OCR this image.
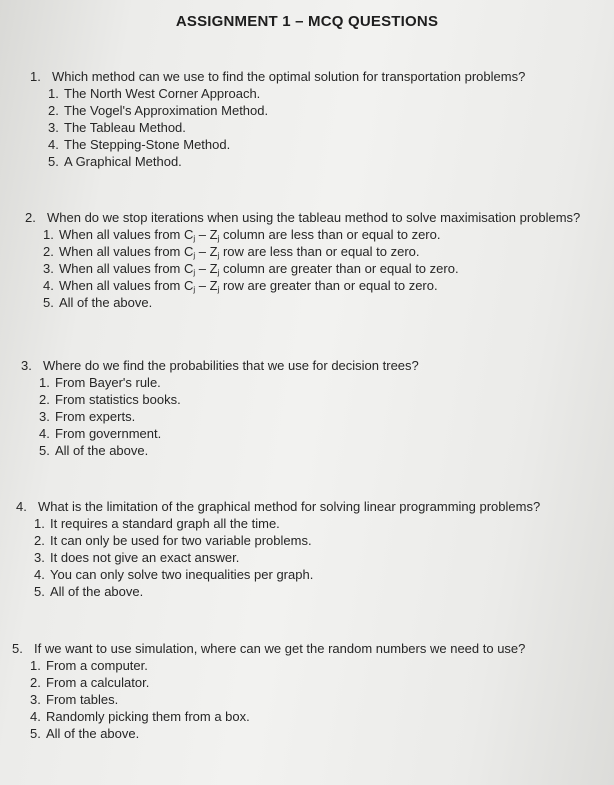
ASSIGNMENT 1 – MCQ QUESTIONS
1. Which method can we use to find the optimal solution for transportation problems?
1. The North West Corner Approach.
2. The Vogel's Approximation Method.
3. The Tableau Method.
4. The Stepping-Stone Method.
5. A Graphical Method.
2. When do we stop iterations when using the tableau method to solve maximisation problems?
1. When all values from $C_j - Z_j$ column are less than or equal to zero.
2. When all values from $C_j - Z_j$ row are less than or equal to zero.
3. When all values from $C_j - Z_j$ column are greater than or equal to zero.
4. When all values from $C_j - Z_j$ row are greater than or equal to zero.
5. All of the above.
3. Where do we find the probabilities that we use for decision trees?
1. From Bayer's rule.
2. From statistics books.
3. From experts.
4. From government.
5. All of the above.
4. What is the limitation of the graphical method for solving linear programming problems?
1. It requires a standard graph all the time.
2. It can only be used for two variable problems.
3. It does not give an exact answer.
4. You can only solve two inequalities per graph.
5. All of the above.
5. If we want to use simulation, where can we get the random numbers we need to use?
1. From a computer.
2. From a calculator.
3. From tables.
4. Randomly picking them from a box.
5. All of the above.
